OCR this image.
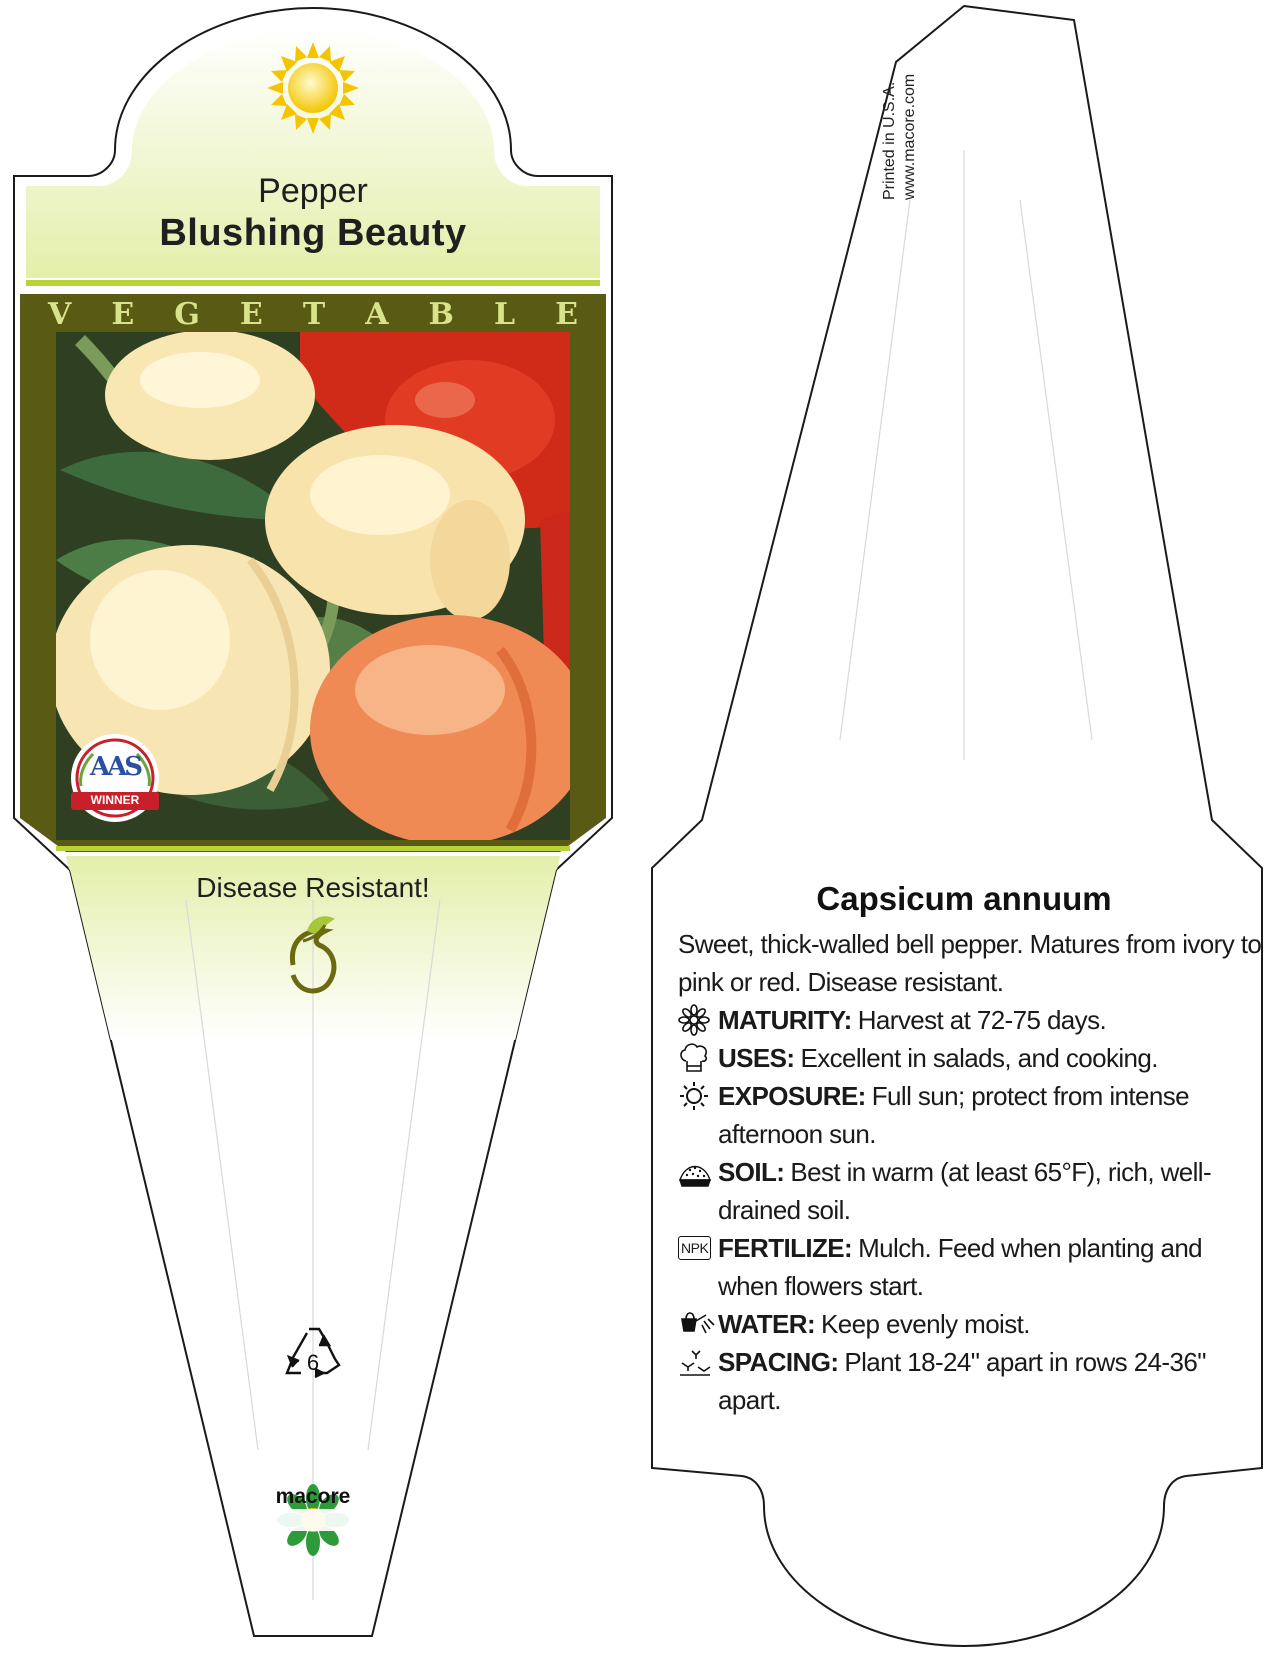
Pepper
Blushing Beauty
V E G E T A B L E
AAS
WINNER
Disease Resistant!
6
macore
Printed in U.S.A. www.macore.com
Capsicum annuum

Sweet, thick-walled bell pepper. Matures from ivory to pink or red. Disease resistant.

MATURITY: Harvest at 72-75 days.
USES: Excellent in salads, and cooking.
EXPOSURE: Full sun; protect from intense afternoon sun.
SOIL: Best in warm (at least 65°F), rich, well-drained soil.
NPK FERTILIZE: Mulch. Feed when planting and when flowers start.
WATER: Keep evenly moist.
SPACING: Plant 18-24" apart in rows 24-36" apart.
